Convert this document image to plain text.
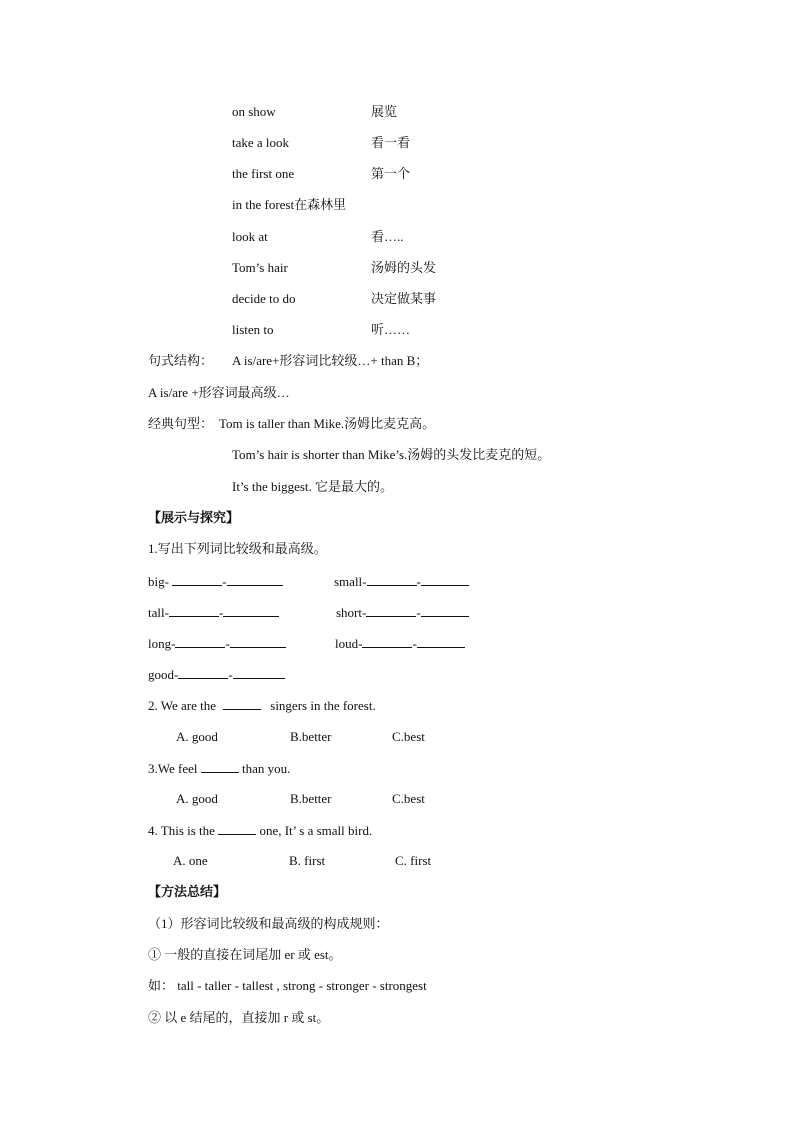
on show	展览
take a look	看一看
the first one	第一个
in the forest在森林里
look at	看…..
Tom’s hair	汤姆的头发
decide to do	决定做某事
listen to	听……
句式结构： A is/are+形容词比较级…+ than B；
A is/are +形容词最高级…
经典句型： Tom is taller than Mike.汤姆比麦克高。
Tom’s hair is shorter than Mike’s.汤姆的头发比麦克的短。
It’s the biggest. 它是最大的。
【展示与探究】
1.写出下列词比较级和最高级。
big-	-	small-	-
tall-	-	short-	-
long-	-	loud-	-
good-	-
2. We are the	singers in the forest.
A. good	B.better	C.best
3.We feel	than you.
A. good	B.better	C.best
4. This is the	one, It’ s a small bird.
A. one	B. first	C. first
【方法总结】
（1）形容词比较级和最高级的构成规则：
① 一般的直接在词尾加 er 或 est。
如： tall - taller - tallest , strong - stronger - strongest
② 以 e 结尾的，直接加 r 或 st。
